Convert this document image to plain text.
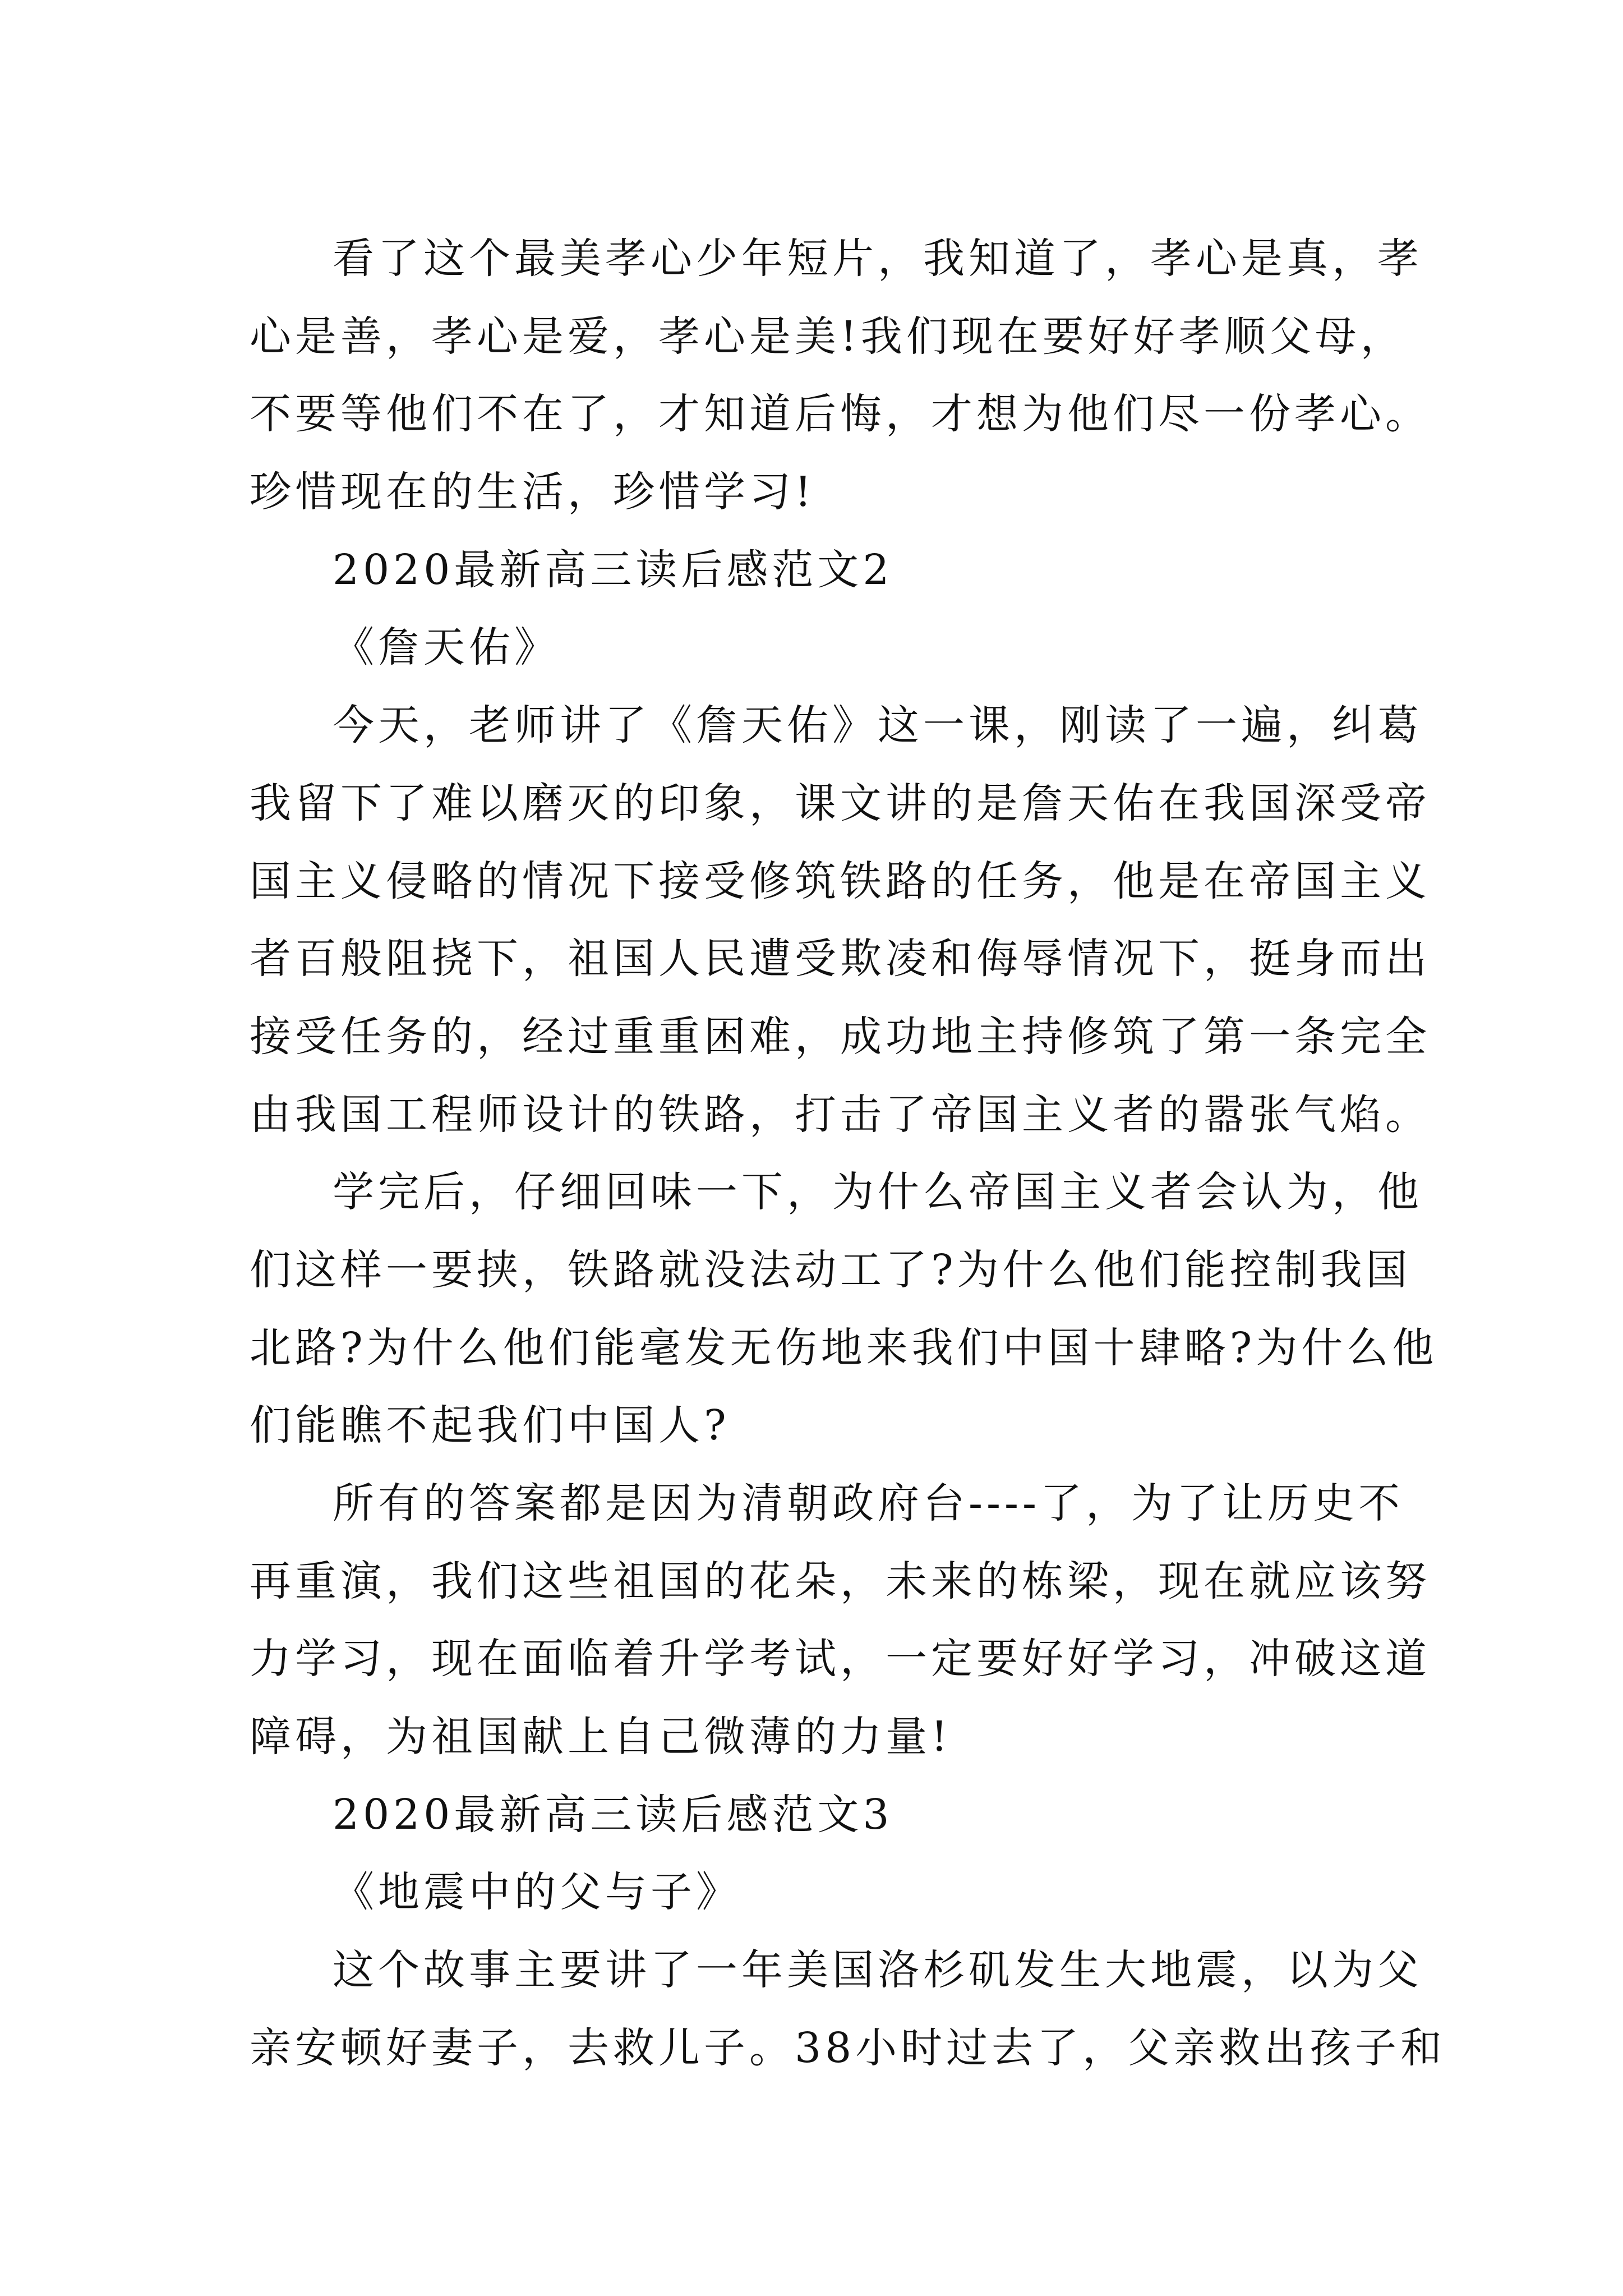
看了这个最美孝心少年短片，我知道了，孝心是真，孝
心是善，孝心是爱，孝心是美!我们现在要好好孝顺父母，
不要等他们不在了，才知道后悔，才想为他们尽一份孝心。
珍惜现在的生活，珍惜学习!
2020最新高三读后感范文2
《詹天佑》
今天，老师讲了《詹天佑》这一课，刚读了一遍，纠葛
我留下了难以磨灭的印象，课文讲的是詹天佑在我国深受帝
国主义侵略的情况下接受修筑铁路的任务，他是在帝国主义
者百般阻挠下，祖国人民遭受欺凌和侮辱情况下，挺身而出
接受任务的，经过重重困难，成功地主持修筑了第一条完全
由我国工程师设计的铁路，打击了帝国主义者的嚣张气焰。
学完后，仔细回味一下，为什么帝国主义者会认为，他
们这样一要挟，铁路就没法动工了?为什么他们能控制我国
北路?为什么他们能毫发无伤地来我们中国十肆略?为什么他
们能瞧不起我们中国人?
所有的答案都是因为清朝政府台----了，为了让历史不
再重演，我们这些祖国的花朵，未来的栋梁，现在就应该努
力学习，现在面临着升学考试，一定要好好学习，冲破这道
障碍，为祖国献上自己微薄的力量!
2020最新高三读后感范文3
《地震中的父与子》
这个故事主要讲了一年美国洛杉矶发生大地震，以为父
亲安顿好妻子，去救儿子。38小时过去了，父亲救出孩子和
